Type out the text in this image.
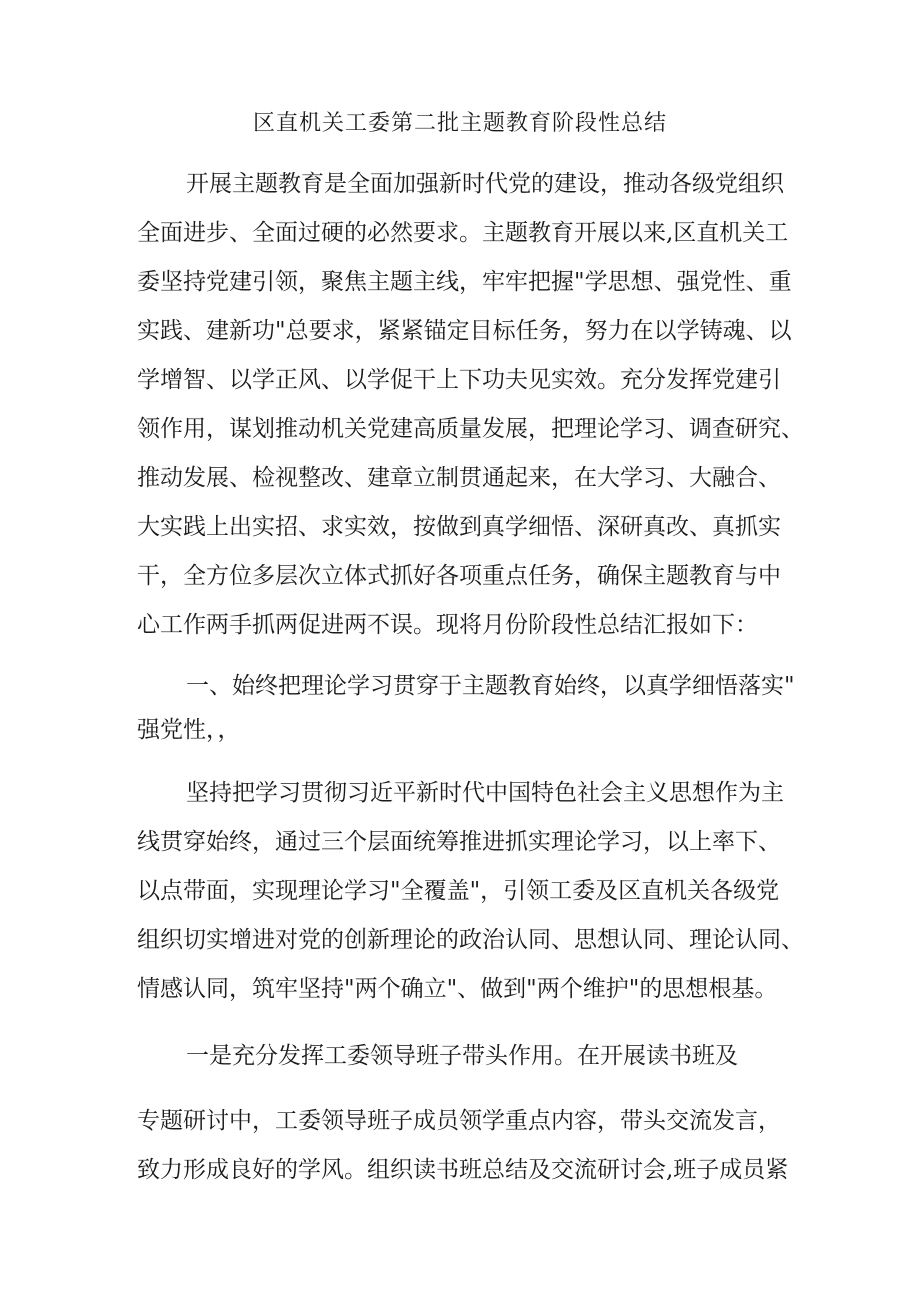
区直机关工委第二批主题教育阶段性总结

开展主题教育是全面加强新时代党的建设，推动各级党组织

全面进步、全面过硬的必然要求。主题教育开展以来,区直机关工

委坚持党建引领，聚焦主题主线，牢牢把握"学思想、强党性、重

实践、建新功"总要求，紧紧锚定目标任务，努力在以学铸魂、以

学增智、以学正风、以学促干上下功夫见实效。充分发挥党建引

领作用，谋划推动机关党建高质量发展，把理论学习、调查研究、

推动发展、检视整改、建章立制贯通起来，在大学习、大融合、

大实践上出实招、求实效，按做到真学细悟、深研真改、真抓实

干，全方位多层次立体式抓好各项重点任务，确保主题教育与中

心工作两手抓两促进两不误。现将月份阶段性总结汇报如下：

一、始终把理论学习贯穿于主题教育始终，以真学细悟落实"

强党性，，

坚持把学习贯彻习近平新时代中国特色社会主义思想作为主

线贯穿始终，通过三个层面统筹推进抓实理论学习，以上率下、

以点带面，实现理论学习"全覆盖"，引领工委及区直机关各级党

组织切实增进对党的创新理论的政治认同、思想认同、理论认同、

情感认同，筑牢坚持"两个确立"、做到"两个维护"的思想根基。

一是充分发挥工委领导班子带头作用。在开展读书班及

专题研讨中，工委领导班子成员领学重点内容，带头交流发言，

致力形成良好的学风。组织读书班总结及交流研讨会,班子成员紧
